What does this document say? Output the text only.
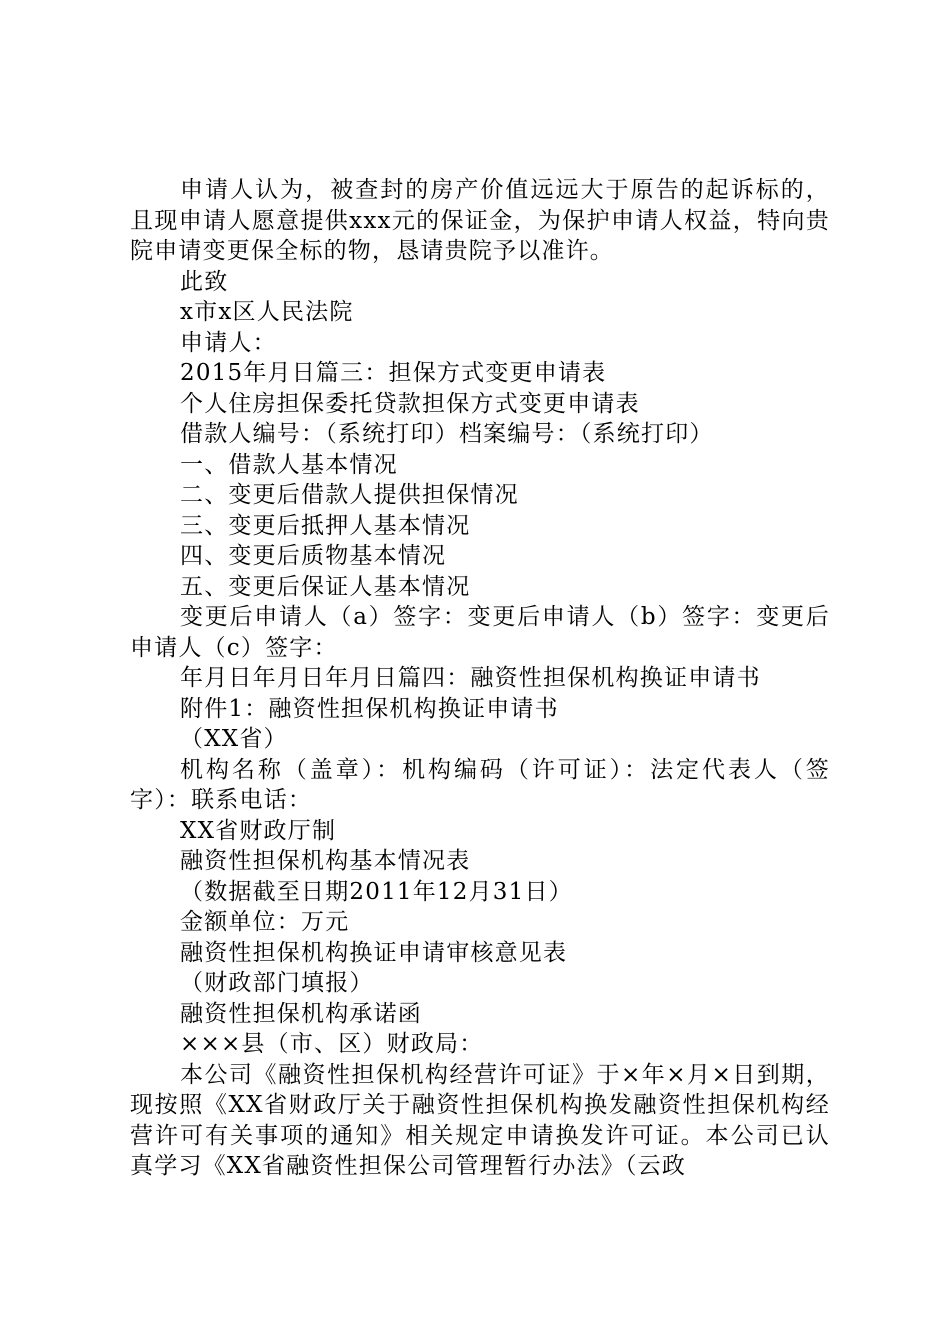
申请人认为，被查封的房产价值远远大于原告的起诉标的，且现申请人愿意提供xxx元的保证金，为保护申请人权益，特向贵院申请变更保全标的物，恳请贵院予以准许。

此致

x市x区人民法院

申请人：

2015年月日篇三：担保方式变更申请表

个人住房担保委托贷款担保方式变更申请表

借款人编号：（系统打印）档案编号：（系统打印）

一、借款人基本情况

二、变更后借款人提供担保情况

三、变更后抵押人基本情况

四、变更后质物基本情况

五、变更后保证人基本情况

变更后申请人（a）签字：变更后申请人（b）签字：变更后申请人（c）签字：

年月日年月日年月日篇四：融资性担保机构换证申请书

附件1：融资性担保机构换证申请书

（XX省）

机构名称（盖章）：机构编码（许可证）：法定代表人（签字）：联系电话：

XX省财政厅制

融资性担保机构基本情况表

（数据截至日期2011年12月31日）

金额单位：万元

融资性担保机构换证申请审核意见表

（财政部门填报）

融资性担保机构承诺函

×××县（市、区）财政局：

本公司《融资性担保机构经营许可证》于×年×月×日到期，现按照《XX省财政厅关于融资性担保机构换发融资性担保机构经营许可有关事项的通知》相关规定申请换发许可证。本公司已认真学习《XX省融资性担保公司管理暂行办法》（云政
